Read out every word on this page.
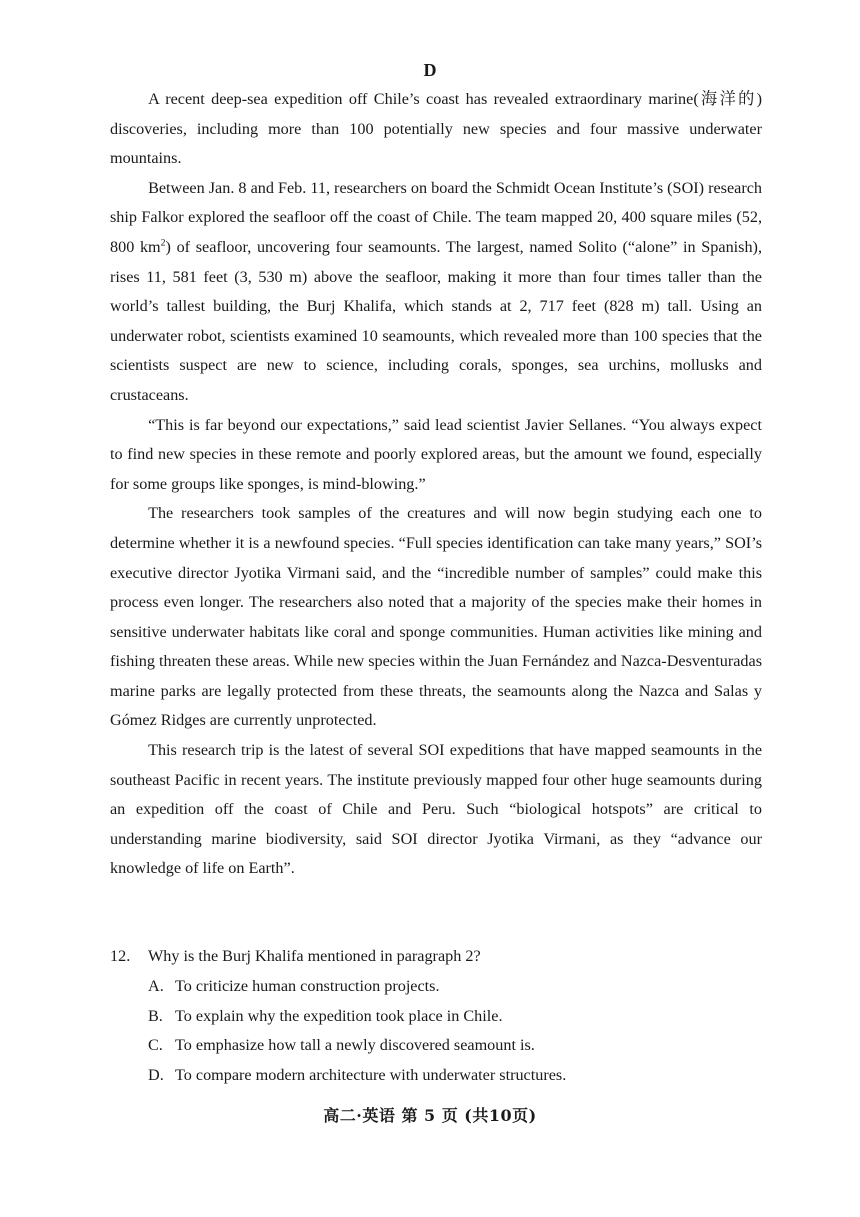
D

A recent deep-sea expedition off Chile’s coast has revealed extraordinary marine(海洋的) discoveries, including more than 100 potentially new species and four massive underwater mountains.

Between Jan. 8 and Feb. 11, researchers on board the Schmidt Ocean Institute’s (SOI) research ship Falkor explored the seafloor off the coast of Chile. The team mapped 20, 400 square miles (52, 800 $km^2$) of seafloor, uncovering four seamounts. The largest, named Solito (“alone” in Spanish), rises 11, 581 feet (3, 530 m) above the seafloor, making it more than four times taller than the world’s tallest building, the Burj Khalifa, which stands at 2, 717 feet (828 m) tall. Using an underwater robot, scientists examined 10 seamounts, which revealed more than 100 species that the scientists suspect are new to science, including corals, sponges, sea urchins, mollusks and crustaceans.

“This is far beyond our expectations,” said lead scientist Javier Sellanes. “You always expect to find new species in these remote and poorly explored areas, but the amount we found, especially for some groups like sponges, is mind-blowing.”

The researchers took samples of the creatures and will now begin studying each one to determine whether it is a newfound species. “Full species identification can take many years,” SOI’s executive director Jyotika Virmani said, and the “incredible number of samples” could make this process even longer. The researchers also noted that a majority of the species make their homes in sensitive underwater habitats like coral and sponge communities. Human activities like mining and fishing threaten these areas. While new species within the Juan Fernández and Nazca-Desventuradas marine parks are legally protected from these threats, the seamounts along the Nazca and Salas y Gómez Ridges are currently unprotected.

This research trip is the latest of several SOI expeditions that have mapped seamounts in the southeast Pacific in recent years. The institute previously mapped four other huge seamounts during an expedition off the coast of Chile and Peru. Such “biological hotspots” are critical to understanding marine biodiversity, said SOI director Jyotika Virmani, as they “advance our knowledge of life on Earth”.

12.	Why is the Burj Khalifa mentioned in paragraph 2?
A. To criticize human construction projects.
B. To explain why the expedition took place in Chile.
C. To emphasize how tall a newly discovered seamount is.
D. To compare modern architecture with underwater structures.
高二·英语 第 5 页 (共10页)
